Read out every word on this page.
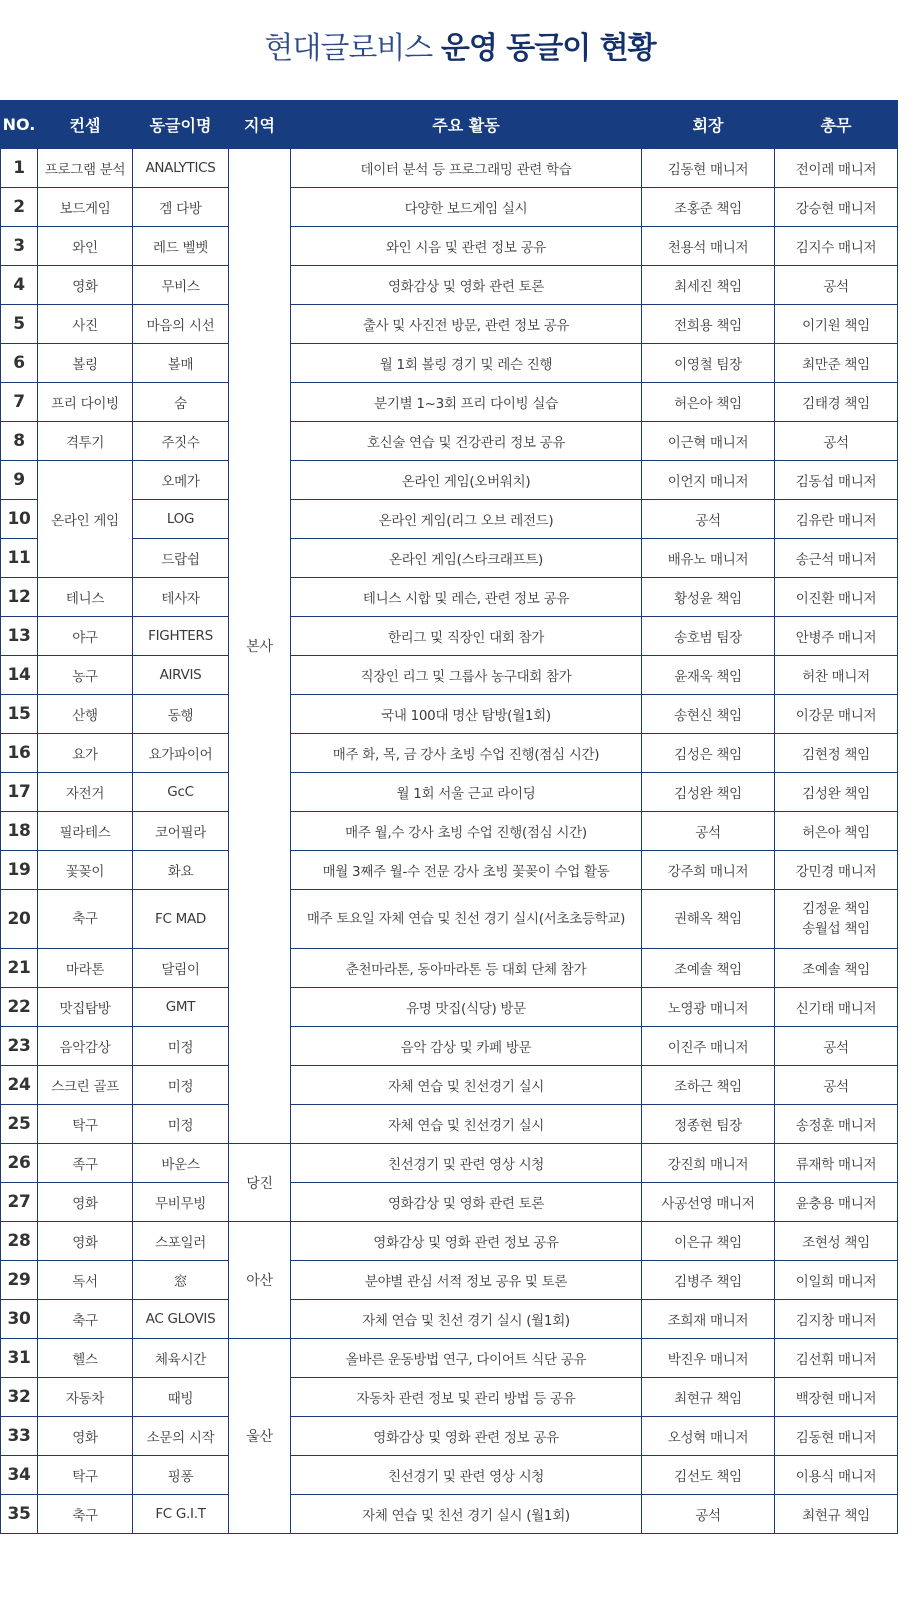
현대글로비스 운영 동글이 현황
NO.	컨셉	동글이명	지역	주요 활동	회장	총무
1	프로그램 분석	ANALYTICS	본사	데이터 분석 등 프로그래밍 관련 학습	김동현 매니저	전이레 매니저

2	보드게임	겜 다방		다양한 보드게임 실시	조홍준 책임	강승현 매니저

3	와인	레드 벨벳		와인 시음 및 관련 정보 공유	천용석 매니저	김지수 매니저

4	영화	무비스		영화감상 및 영화 관련 토론	최세진 책임	공석

5	사진	마음의 시선		출사 및 사진전 방문, 관련 정보 공유	전희용 책임	이기원 책임

6	볼링	볼매		월 1회 볼링 경기 및 레슨 진행	이영철 팀장	최만준 책임

7	프리 다이빙	숨		분기별 1~3회 프리 다이빙 실습	허은아 책임	김태경 책임

8	격투기	주짓수		호신술 연습 및 건강관리 정보 공유	이근혁 매니저	공석

9	온라인 게임	오메가		온라인 게임(오버워치)	이언지 매니저	김동섭 매니저

10		LOG		온라인 게임(리그 오브 레전드)	공석	김유란 매니저

11		드랍쉽		온라인 게임(스타크래프트)	배유노 매니저	송근석 매니저

12	테니스	테사자		테니스 시합 및 레슨, 관련 정보 공유	황성윤 책임	이진환 매니저

13	야구	FIGHTERS		한리그 및 직장인 대회 참가	송호범 팀장	안병주 매니저

14	농구	AIRVIS		직장인 리그 및 그룹사 농구대회 참가	윤재욱 책임	허찬 매니저

15	산행	동행		국내 100대 명산 탐방(월1회)	송현신 책임	이강문 매니저

16	요가	요가파이어		매주 화, 목, 금 강사 초빙 수업 진행(점심 시간)	김성은 책임	김현정 책임

17	자전거	GcC		월 1회 서울 근교 라이딩	김성완 책임	김성완 책임

18	필라테스	코어필라		매주 월,수 강사 초빙 수업 진행(점심 시간)	공석	허은아 책임

19	꽃꽂이	화요		매월 3째주 월-수 전문 강사 초빙 꽃꽂이 수업 활동	강주희 매니저	강민경 매니저

20	축구	FC MAD		매주 토요일 자체 연습 및 친선 경기 실시(서초초등학교)	권해옥 책임	김정윤 책임
송월섭 책임

21	마라톤	달림이		춘천마라톤, 동아마라톤 등 대회 단체 참가	조예솔 책임	조예솔 책임

22	맛집탐방	GMT		유명 맛집(식당) 방문	노영광 매니저	신기태 매니저

23	음악감상	미정		음악 감상 및 카페 방문	이진주 매니저	공석

24	스크린 골프	미정		자체 연습 및 친선경기 실시	조하근 책임	공석

25	탁구	미정		자체 연습 및 친선경기 실시	정종현 팀장	송정훈 매니저

26	족구	바운스	당진	친선경기 및 관련 영상 시청	강진희 매니저	류재학 매니저

27	영화	무비무빙		영화감상 및 영화 관련 토론	사공선영 매니저	윤충용 매니저

28	영화	스포일러	아산	영화감상 및 영화 관련 정보 공유	이은규 책임	조현성 책임

29	독서	窓		분야별 관심 서적 정보 공유 및 토론	김병주 책임	이일희 매니저

30	축구	AC GLOVIS		자체 연습 및 친선 경기 실시 (월1회)	조희재 매니저	김지창 매니저

31	헬스	체육시간	울산	올바른 운동방법 연구, 다이어트 식단 공유	박진우 매니저	김선휘 매니저

32	자동차	때빙		자동차 관련 정보 및 관리 방법 등 공유	최현규 책임	백장현 매니저

33	영화	소문의 시작		영화감상 및 영화 관련 정보 공유	오성혁 매니저	김동현 매니저

34	탁구	핑퐁		친선경기 및 관련 영상 시청	김선도 책임	이용식 매니저

35	축구	FC G.I.T		자체 연습 및 친선 경기 실시 (월1회)	공석	최현규 책임
